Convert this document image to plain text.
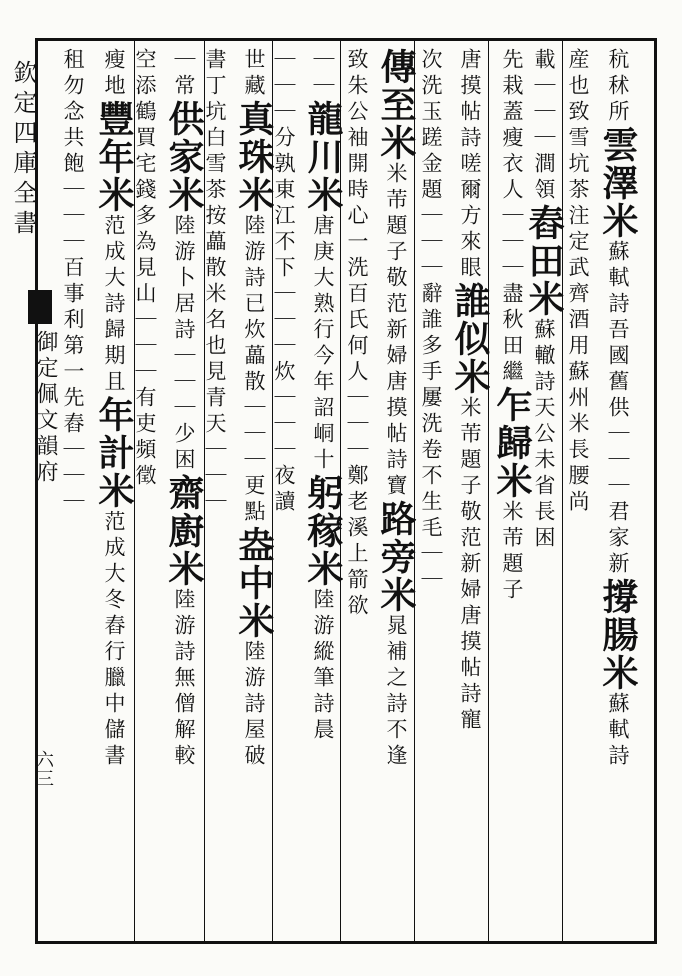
欽定四庫全書
御定佩文韻府
六三
秔秫所雲澤米蘇軾詩吾國舊供｜｜｜君家新撐腸米蘇軾詩
産也致雪坑茶注定武齊酒用蘇州米長腰尚
載｜｜｜澗領舂田米蘇轍詩天公未省長困
先栽蓋瘦衣人｜｜｜盡秋田繼乍歸米米芾題子
唐摸帖詩嗟爾方來眼誰似米米芾題子敬范新婦唐摸帖詩寵
次洗玉蹉金題｜｜｜辭誰多手屢洗卷不生毛｜｜
傳至米米芾題子敬范新婦唐摸帖詩寶路旁米晁補之詩不逢
致朱公袖開時心一洗百氏何人｜｜｜鄭老溪上箭欲
｜｜龍川米唐庚大熟行今年詔峒十躬稼米陸游縱筆詩晨
｜｜｜分孰東江不下｜｜｜炊｜｜｜夜讀
世藏真珠米陸游詩已炊藟散｜｜｜更點盎中米陸游詩屋破
書丁坑白雪茶按藟散米名也見青天｜｜｜
｜常供家米陸游卜居詩｜｜｜少困齋廚米陸游詩無僧解較
空添鶴買宅錢多為見山｜｜｜有吏頻徵
瘦地豐年米范成大詩歸期且年計米范成大冬舂行臘中儲書
租勿念共飽｜｜｜百事利第一先舂｜｜｜
